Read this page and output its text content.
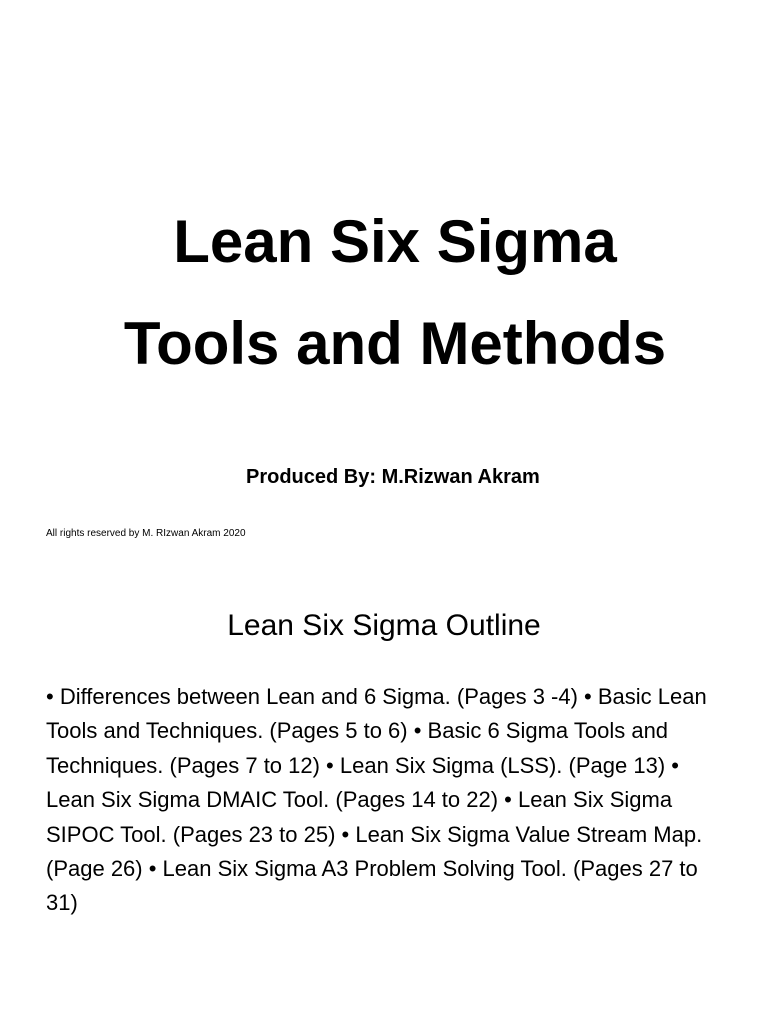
Lean Six Sigma
Tools and Methods
Produced By: M.Rizwan Akram
All rights reserved by M. RIzwan Akram 2020
Lean Six Sigma Outline
• Differences between Lean and 6 Sigma. (Pages 3 -4) • Basic Lean Tools and Techniques. (Pages 5 to 6) • Basic 6 Sigma Tools and Techniques. (Pages 7 to 12) • Lean Six Sigma (LSS). (Page 13) • Lean Six Sigma DMAIC Tool. (Pages 14 to 22) • Lean Six Sigma SIPOC Tool. (Pages 23 to 25) • Lean Six Sigma Value Stream Map. (Page 26) • Lean Six Sigma A3 Problem Solving Tool. (Pages 27 to 31)
